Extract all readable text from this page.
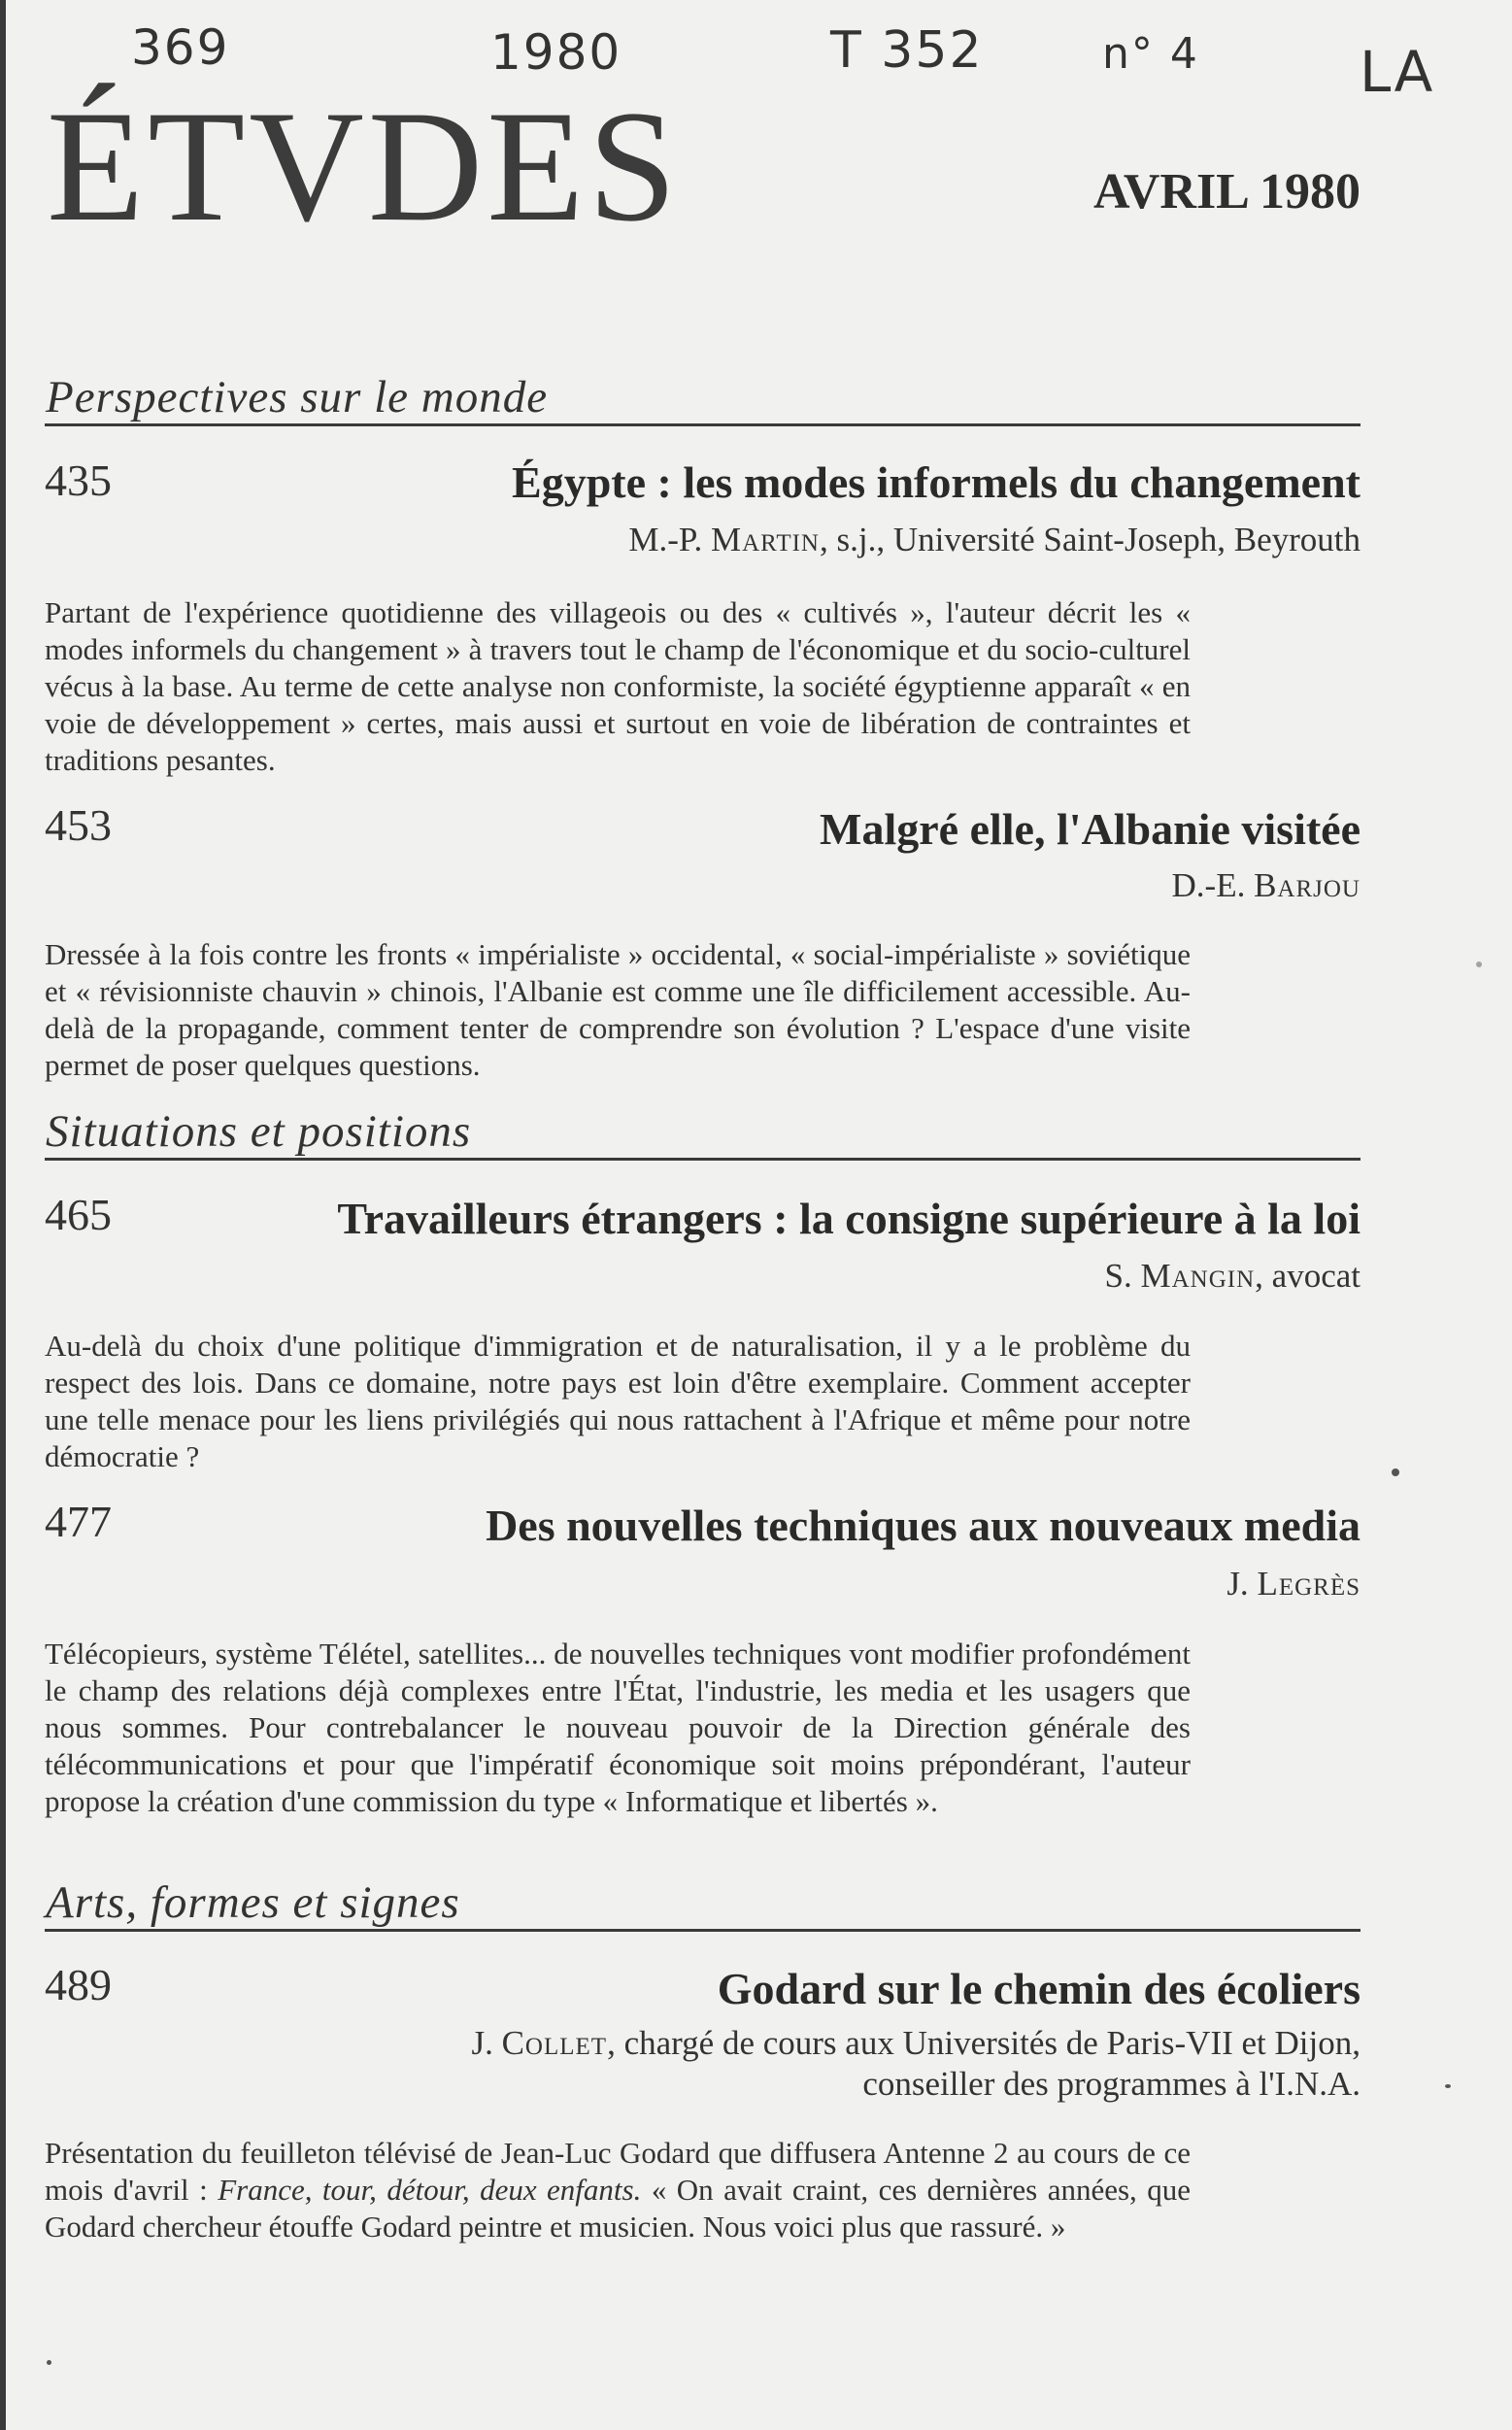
369	1980	T 352	n° 4	LA
ÉTVDES	AVRIL 1980
Perspectives sur le monde
435	Égypte : les modes informels du changement
M.-P. Martin, s.j., Université Saint-Joseph, Beyrouth
Partant de l'expérience quotidienne des villageois ou des « cultivés », l'auteur décrit les « modes informels du changement » à travers tout le champ de l'économique et du socio-culturel vécus à la base. Au terme de cette analyse non conformiste, la société égyptienne apparaît « en voie de développement » certes, mais aussi et surtout en voie de libération de contraintes et traditions pesantes.
453	Malgré elle, l'Albanie visitée
D.-E. Barjou
Dressée à la fois contre les fronts « impérialiste » occidental, « social-impérialiste » soviétique et « révisionniste chauvin » chinois, l'Albanie est comme une île difficilement accessible. Au-delà de la propagande, comment tenter de comprendre son évolution ? L'espace d'une visite permet de poser quelques questions.
Situations et positions
465	Travailleurs étrangers : la consigne supérieure à la loi
S. Mangin, avocat
Au-delà du choix d'une politique d'immigration et de naturalisation, il y a le problème du respect des lois. Dans ce domaine, notre pays est loin d'être exemplaire. Comment accepter une telle menace pour les liens privilégiés qui nous rattachent à l'Afrique et même pour notre démocratie ?
477	Des nouvelles techniques aux nouveaux media
J. Legrès
Télécopieurs, système Télétel, satellites... de nouvelles techniques vont modifier profondément le champ des relations déjà complexes entre l'État, l'industrie, les media et les usagers que nous sommes. Pour contrebalancer le nouveau pouvoir de la Direction générale des télécommunications et pour que l'impératif économique soit moins prépondérant, l'auteur propose la création d'une commission du type « Informatique et libertés ».
Arts, formes et signes
489	Godard sur le chemin des écoliers
J. Collet, chargé de cours aux Universités de Paris-VII et Dijon,
conseiller des programmes à l'I.N.A.
Présentation du feuilleton télévisé de Jean-Luc Godard que diffusera Antenne 2 au cours de ce mois d'avril : France, tour, détour, deux enfants. « On avait craint, ces dernières années, que Godard chercheur étouffe Godard peintre et musicien. Nous voici plus que rassuré. »
